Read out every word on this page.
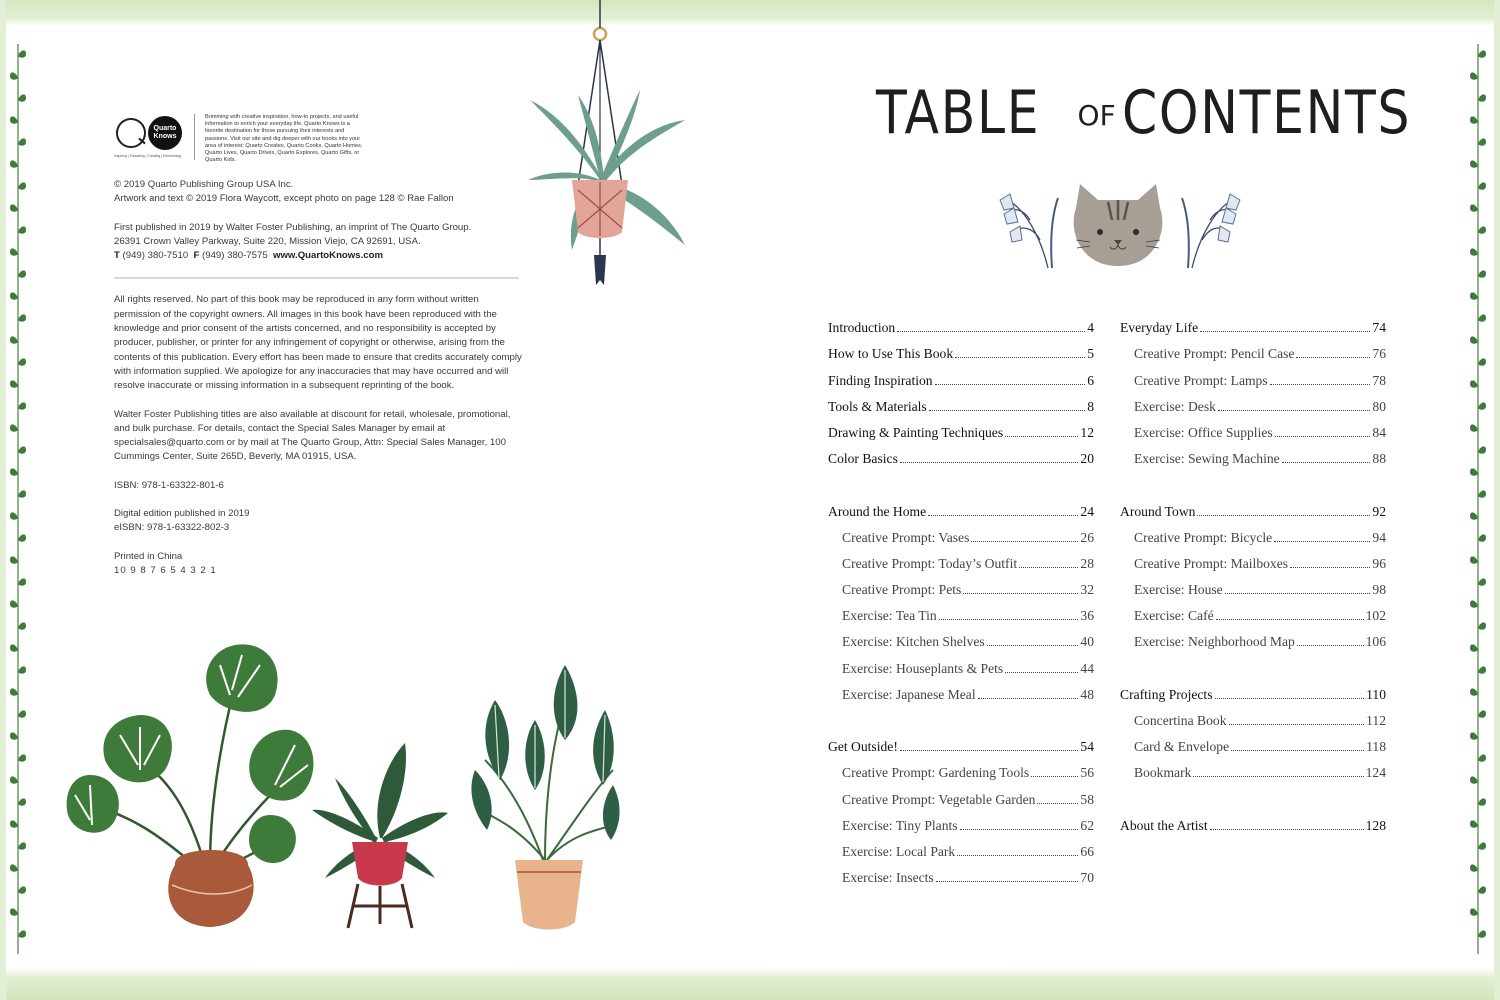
Quarto Knows
Inspiring | Educating | Creating | Entertaining
Brimming with creative inspiration, how-to projects, and useful information to enrich your everyday life, Quarto Knows is a favorite destination for those pursuing their interests and passions. Visit our site and dig deeper with our books into your area of interest: Quarto Creates, Quarto Cooks, Quarto Homes, Quarto Lives, Quarto Drives, Quarto Explores, Quarto Gifts, or Quarto Kids.

© 2019 Quarto Publishing Group USA Inc.

Artwork and text © 2019 Flora Waycott, except photo on page 128 © Rae Fallon

First published in 2019 by Walter Foster Publishing, an imprint of The Quarto Group.

26391 Crown Valley Parkway, Suite 220, Mission Viejo, CA 92691, USA.

T (949) 380-7510 F (949) 380-7575 www.QuartoKnows.com

All rights reserved. No part of this book may be reproduced in any form without written permission of the copyright owners. All images in this book have been reproduced with the knowledge and prior consent of the artists concerned, and no responsibility is accepted by producer, publisher, or printer for any infringement of copyright or otherwise, arising from the contents of this publication. Every effort has been made to ensure that credits accurately comply with information supplied. We apologize for any inaccuracies that may have occurred and will resolve inaccurate or missing information in a subsequent reprinting of the book.

Walter Foster Publishing titles are also available at discount for retail, wholesale, promotional, and bulk purchase. For details, contact the Special Sales Manager by email at specialsales@quarto.com or by mail at The Quarto Group, Attn: Special Sales Manager, 100 Cummings Center, Suite 265D, Beverly, MA 01915, USA.

ISBN: 978-1-63322-801-6

Digital edition published in 2019

eISBN: 978-1-63322-802-3

Printed in China

10 9 8 7 6 5 4 3 2 1

TABLE OF CONTENTS
Introduction	4
How to Use This Book	5
Finding Inspiration	6
Tools & Materials	8
Drawing & Painting Techniques	12
Color Basics	20
Around the Home	24
Creative Prompt: Vases	26
Creative Prompt: Today’s Outfit	28
Creative Prompt: Pets	32
Exercise: Tea Tin	36
Exercise: Kitchen Shelves	40
Exercise: Houseplants & Pets	44
Exercise: Japanese Meal	48
Get Outside!	54
Creative Prompt: Gardening Tools	56
Creative Prompt: Vegetable Garden	58
Exercise: Tiny Plants	62
Exercise: Local Park	66
Exercise: Insects	70
Everyday Life	74
Creative Prompt: Pencil Case	76
Creative Prompt: Lamps	78
Exercise: Desk	80
Exercise: Office Supplies	84
Exercise: Sewing Machine	88
Around Town	92
Creative Prompt: Bicycle	94
Creative Prompt: Mailboxes	96
Exercise: House	98
Exercise: Café	102
Exercise: Neighborhood Map	106
Crafting Projects	110
Concertina Book	112
Card & Envelope	118
Bookmark	124
About the Artist	128
